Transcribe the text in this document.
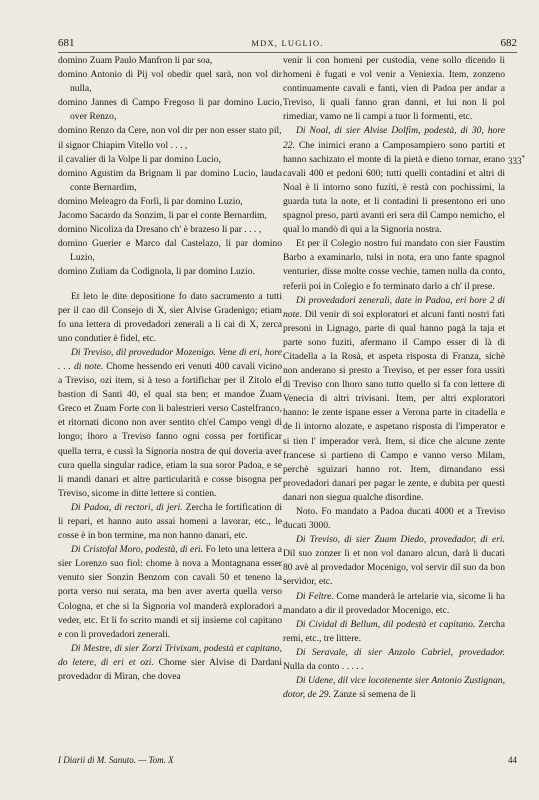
681	MDX, LUGLIO.	682

domino Zuam Paulo Manfron li par soa,

domino Antonio di Pij vol obedir quel sarà, non vol dir nulla,

domino Jannes di Campo Fregoso li par domino Lucio, over Renzo,

domino Renzo da Cere, non vol dir per non esser stato pil,

il signor Chiapim Vitello vol . . . ,

il cavalier di la Volpe li par domino Lucio,

domino Agustim da Brignam li par domino Lucio, lauda conte Bernardim,

domino Meleagro da Forlì, li par domino Luzio,

Jacomo Sacardo da Sonzim, li par el conte Bernardim,

domino Nicoliza da Dresano ch' è brazeso li par . . . ,

domino Guerier e Marco dal Castelazo, li par domino Luzio,

domino Zuliam da Codignola, li par domino Luzio.

Et leto le dite depositione fo dato sacramento a tutti per il cao dil Consejo di X, sier Alvise Gradenigo; etiam fo una lettera di provedadori zenerali a li cai di X, zerca uno condutier è fidel, etc.

Di Treviso, dil provedador Mozenigo. Vene di eri, hore . . . di note. Chome hessendo eri venuti 400 cavali vicino a Treviso, ozi item, si à teso a fortifichar per il Zitolo el bastion di Santi 40, el qual sta ben; et mandoe Zuam Greco et Zuam Forte con li balestrieri verso Castelfranco, et ritornati dicono non aver sentito ch'el Campo vengi di longo; lhoro a Treviso fanno ogni cossa per fortificar quella terra, e cussì la Signoria nostra de qui doveria aver cura quella singular radice, etiam la sua soror Padoa, e se li mandi danari et altre particularità e cosse bisogna per Treviso, sicome in ditte lettere si contien.

Di Padoa, di rectori, di jeri. Zercha le fortification di li repari, et hanno auto assai homeni a lavorar, etc., le cosse è in bon termine, ma non hanno danari, etc.

Di Cristofal Moro, podestà, di eri. Fo leto una lettera a sier Lorenzo suo fiol: chome à nova a Montagnana esser venuto sier Sonzin Benzom con cavali 50 et teneno la porta verso nui serata, ma ben aver averta quella verso Cologna, et che si la Signoria vol manderà exploradori a veder, etc. Et li fo scrito mandi et sij insieme col capitano e con li provedadori zenerali.

Di Mestre, di sier Zorzi Trivixam, podestà et capitano, do letere, di eri et ozi. Chome sier Alvise di Dardani provedador di Miran, che dovea

venir li con homeni per custodia, vene sollo dicendo li homeni è fugati e vol venir a Veniexia. Item, zonzeno continuamente cavali e fanti, vien di Padoa per andar a Treviso, li quali fanno gran danni, et lui non li pol rimediar, vamo ne li campi a tuor li formenti, etc.

Di Noal, di sier Alvise Dolfim, podestà, di 30, hore 22. Che inimici erano a Camposampiero sono partiti et hanno sachizato el monte di la pietà e dieno tornar, erano cavali 400 et pedoni 600; tutti quelli contadini et altri di Noal è li intorno sono fuziti, è restà con pochissimi, la guarda tuta la note, et li contadini li presentono eri uno spagnol preso, partì avanti eri sera dil Campo nemicho, el qual lo mandò di qui a la Signoria nostra.

Et per il Colegio nostro fui mandato con sier Faustim Barbo a examinarlo, tulsi in nota, era uno fante spagnol venturier, disse molte cosse vechie, tamen nulla da conto, referii poi in Colegio e fo terminato darlo a ch' il prese.

Di provedadori zenerali, date in Padoa, eri hore 2 di note. Dil venir di soi exploratori et alcuni fanti nostri fati presoni in Lignago, parte di qual hanno pagà la taja et parte sono fuziti, afermano il Campo esser di là di Citadella a la Rosà, et aspeta risposta di Franza, sichè non anderano si presto a Treviso, et per esser fora ussiti di Treviso con lhoro sano tutto quello si fa con lettere di Venecia di altri trivisani. Item, per altri exploratori hanno: le zente ispane esser a Verona parte in citadella e de lì intorno alozate, e aspetano risposta di l'imperator e si tien l' imperador verà. Item, si dice che alcune zente francese si partieno di Campo e vanno verso Milam, perchè sguizari hanno rot. Item, dimandano essi provedadori danari per pagar le zente, e dubita per questi danari non siegua qualche disordine.

Noto. Fo mandato a Padoa ducati 4000 et a Treviso ducati 3000.

Di Treviso, di sier Zuam Diedo, provedador, di eri. Dil suo zonzer lì et non vol danaro alcun, darà li ducati 80 avè al provedador Mocenigo, vol servir dil suo da bon servidor, etc.

Di Feltre. Come manderà le artelarie via, sicome li ha mandato a dir il provedador Mocenigo, etc.

Di Cividal di Bellum, dil podestà et capitano. Zercha remi, etc., tre littere.

Di Seravale, di sier Anzolo Cabriel, provedador. Nulla da conto . . . . .

Di Udene, dil vice locotenente sier Antonio Zustignan, dotor, de 29. Zanze si semena de li

333*
I Diarii di M. Sanuto. — Tom. X	44
